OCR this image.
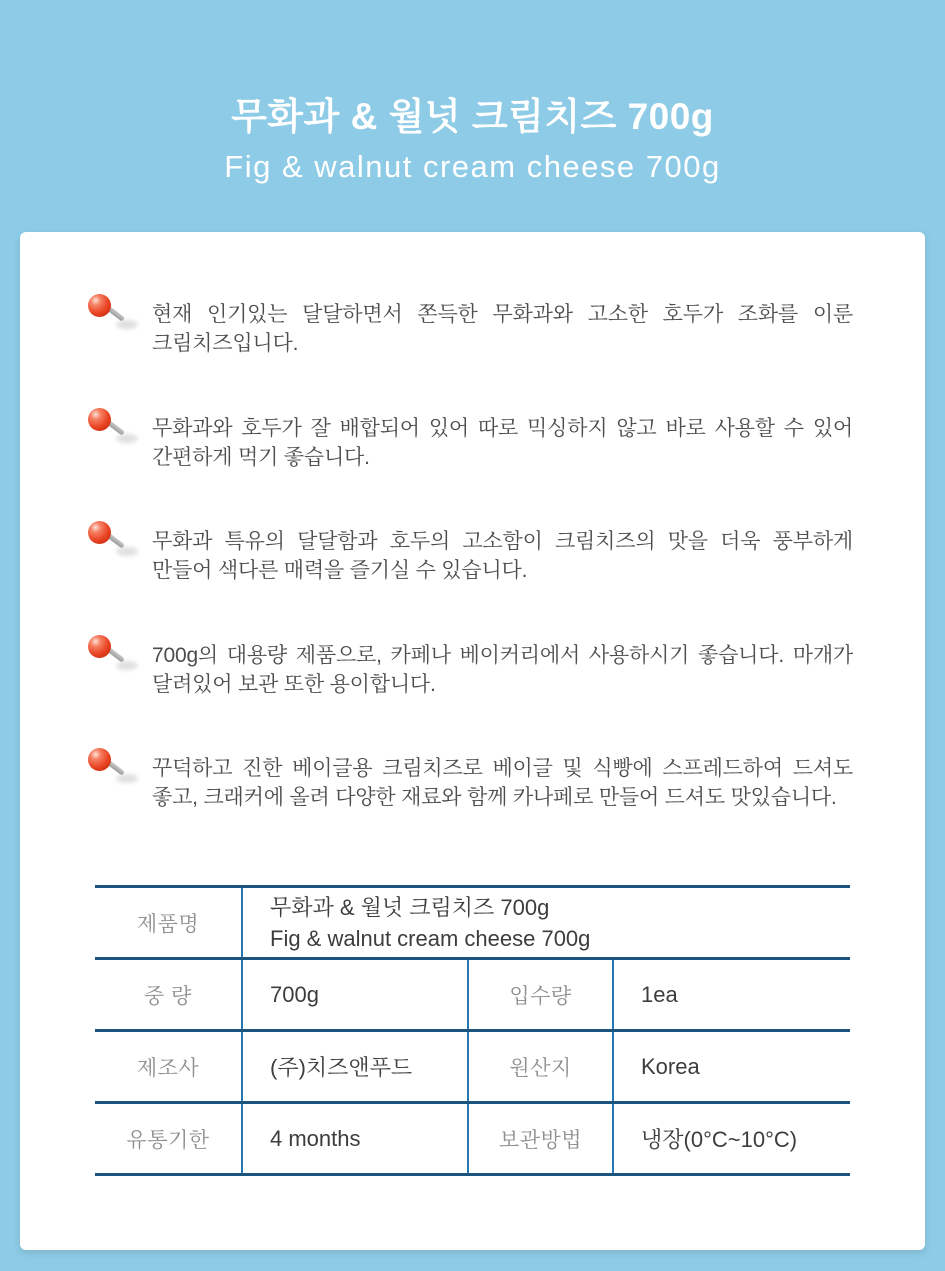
무화과 & 월넛 크림치즈 700g
Fig & walnut cream cheese 700g

현재 인기있는 달달하면서 쫀득한 무화과와 고소한 호두가 조화를 이룬 크림치즈입니다.

무화과와 호두가 잘 배합되어 있어 따로 믹싱하지 않고 바로 사용할 수 있어 간편하게 먹기 좋습니다.

무화과 특유의 달달함과 호두의 고소함이 크림치즈의 맛을 더욱 풍부하게 만들어 색다른 매력을 즐기실 수 있습니다.

700g의 대용량 제품으로, 카페나 베이커리에서 사용하시기 좋습니다. 마개가 달려있어 보관 또한 용이합니다.

꾸덕하고 진한 베이글용 크림치즈로 베이글 및 식빵에 스프레드하여 드셔도 좋고, 크래커에 올려 다양한 재료와 함께 카나페로 만들어 드셔도 맛있습니다.

제품명	무화과 & 월넛 크림치즈 700g
Fig & walnut cream cheese 700g		

중 량	700g	입수량	1ea
제조사	(주)치즈앤푸드	원산지	Korea
유통기한	4 months	보관방법	냉장(0°C~10°C)
